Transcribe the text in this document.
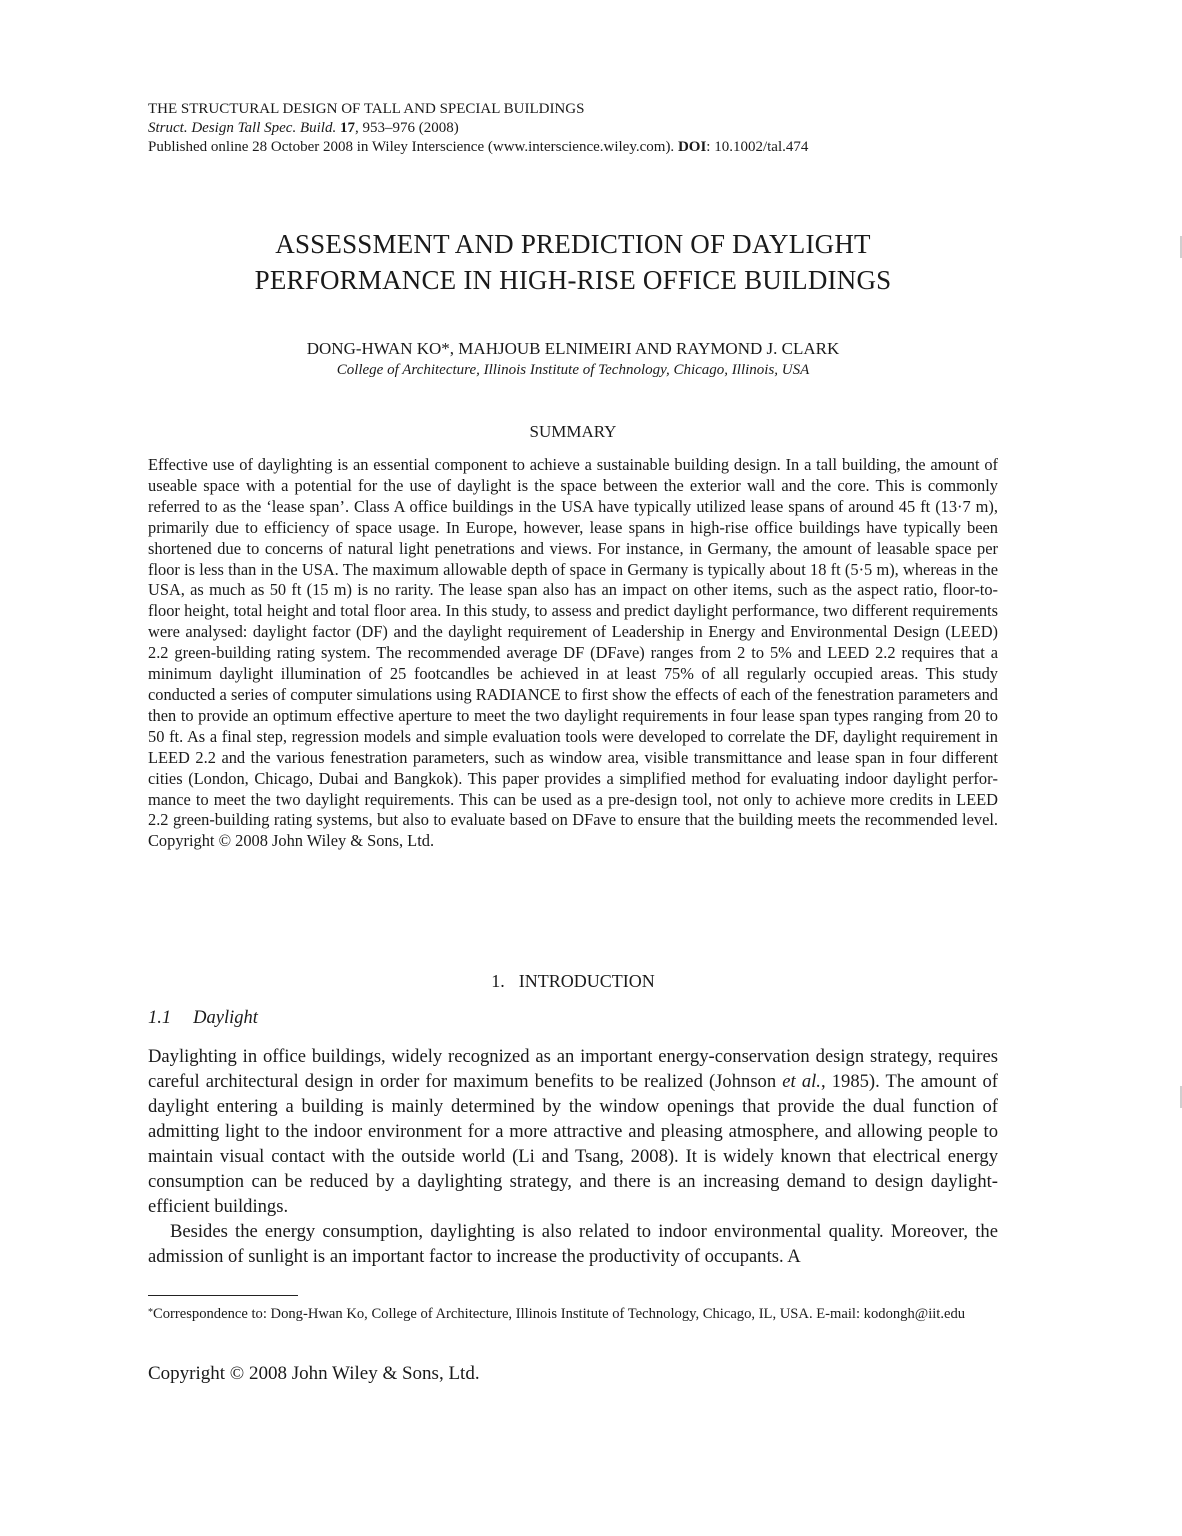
THE STRUCTURAL DESIGN OF TALL AND SPECIAL BUILDINGS
Struct. Design Tall Spec. Build. 17, 953–976 (2008)
Published online 28 October 2008 in Wiley Interscience (www.interscience.wiley.com). DOI: 10.1002/tal.474
ASSESSMENT AND PREDICTION OF DAYLIGHT
PERFORMANCE IN HIGH-RISE OFFICE BUILDINGS
DONG-HWAN KO*, MAHJOUB ELNIMEIRI AND RAYMOND J. CLARK
College of Architecture, Illinois Institute of Technology, Chicago, Illinois, USA
SUMMARY
Effective use of daylighting is an essential component to achieve a sustainable building design. In a tall building, the amount of useable space with a potential for the use of daylight is the space between the exterior wall and the core. This is commonly referred to as the ‘lease span’. Class A office buildings in the USA have typically utilized lease spans of around 45 ft (13·7 m), primarily due to efficiency of space usage. In Europe, however, lease spans in high-rise office buildings have typically been shortened due to concerns of natural light penetrations and views. For instance, in Germany, the amount of leasable space per floor is less than in the USA. The maximum allowable depth of space in Germany is typically about 18 ft (5·5 m), whereas in the USA, as much as 50 ft (15 m) is no rarity. The lease span also has an impact on other items, such as the aspect ratio, floor-to-floor height, total height and total floor area. In this study, to assess and predict daylight performance, two different requirements were analysed: daylight factor (DF) and the daylight requirement of Leadership in Energy and Environmental Design (LEED) 2.2 green-building rating system. The recommended average DF (DFave) ranges from 2 to 5% and LEED 2.2 requires that a minimum daylight illumination of 25 footcandles be achieved in at least 75% of all regularly occupied areas. This study conducted a series of computer simulations using RADIANCE to first show the effects of each of the fenestration parameters and then to provide an optimum effective aperture to meet the two daylight requirements in four lease span types ranging from 20 to 50 ft. As a final step, regression models and simple evaluation tools were developed to correlate the DF, daylight requirement in LEED 2.2 and the various fenestration parameters, such as window area, visible transmittance and lease span in four different cities (London, Chicago, Dubai and Bangkok). This paper provides a simplified method for evaluating indoor daylight performance to meet the two daylight requirements. This can be used as a pre-design tool, not only to achieve more credits in LEED 2.2 green-building rating systems, but also to evaluate based on DFave to ensure that the building meets the recommended level. Copyright © 2008 John Wiley & Sons, Ltd.
1. INTRODUCTION
1.1 Daylight

Daylighting in office buildings, widely recognized as an important energy-conservation design strategy, requires careful architectural design in order for maximum benefits to be realized (Johnson et al., 1985). The amount of daylight entering a building is mainly determined by the window openings that provide the dual function of admitting light to the indoor environment for a more attractive and pleasing atmosphere, and allowing people to maintain visual contact with the outside world (Li and Tsang, 2008). It is widely known that electrical energy consumption can be reduced by a daylighting strategy, and there is an increasing demand to design daylight-efficient buildings.

Besides the energy consumption, daylighting is also related to indoor environmental quality. Moreover, the admission of sunlight is an important factor to increase the productivity of occupants. A

*Correspondence to: Dong-Hwan Ko, College of Architecture, Illinois Institute of Technology, Chicago, IL, USA. E-mail: kodongh@iit.edu
Copyright © 2008 John Wiley & Sons, Ltd.
